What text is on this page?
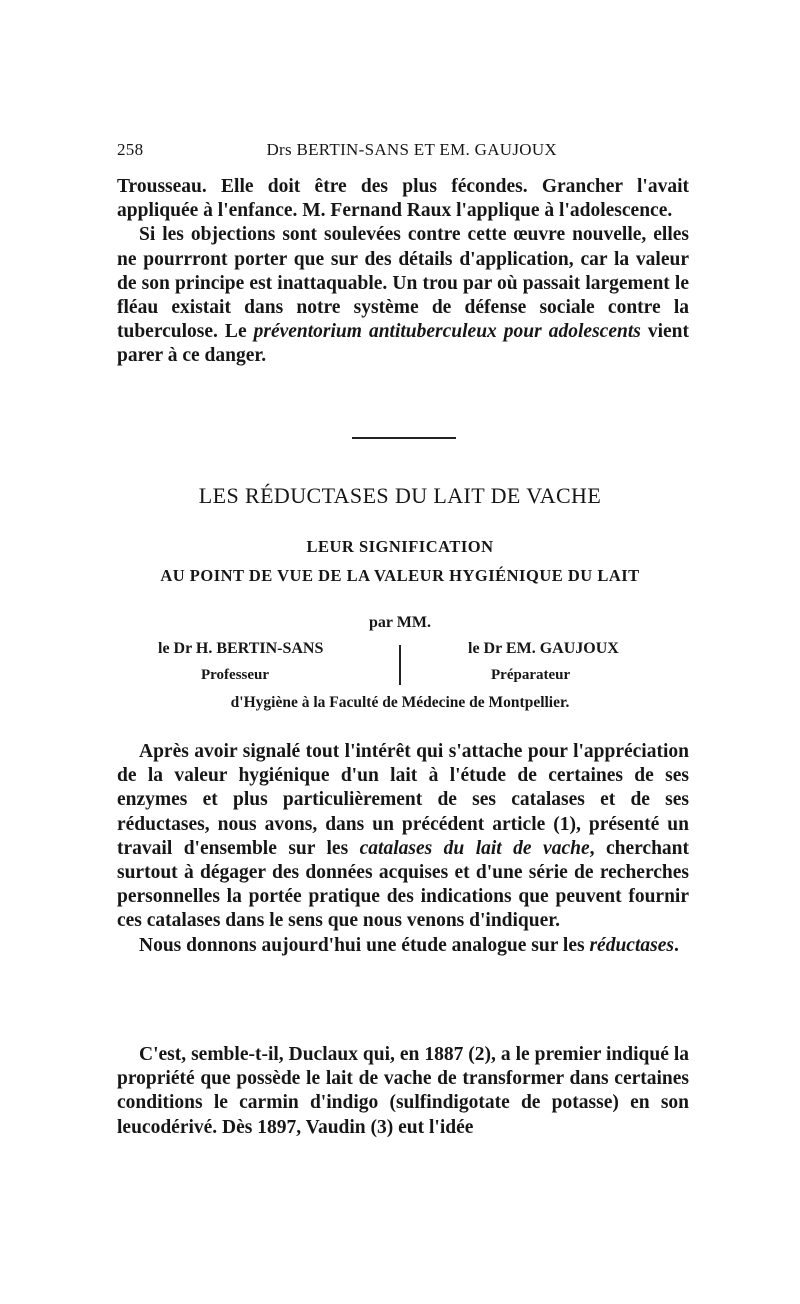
258	Drs BERTIN-SANS ET EM. GAUJOUX

Trousseau. Elle doit être des plus fécondes. Grancher l'avait appliquée à l'enfance. M. Fernand Raux l'applique à l'adolescence.

Si les objections sont soulevées contre cette œuvre nouvelle, elles ne pourrront porter que sur des détails d'application, car la valeur de son principe est inattaquable. Un trou par où passait largement le fléau existait dans notre système de défense sociale contre la tuberculose. Le préventorium antituberculeux pour adolescents vient parer à ce danger.

LES RÉDUCTASES DU LAIT DE VACHE
LEUR SIGNIFICATION
AU POINT DE VUE DE LA VALEUR HYGIÉNIQUE DU LAIT
par MM.
le Dr H. BERTIN-SANS
Professeur
le Dr EM. GAUJOUX
Préparateur
d'Hygiène à la Faculté de Médecine de Montpellier.

Après avoir signalé tout l'intérêt qui s'attache pour l'appréciation de la valeur hygiénique d'un lait à l'étude de certaines de ses enzymes et plus particulièrement de ses catalases et de ses réductases, nous avons, dans un précédent article (1), présenté un travail d'ensemble sur les catalases du lait de vache, cherchant surtout à dégager des données acquises et d'une série de recherches personnelles la portée pratique des indications que peuvent fournir ces catalases dans le sens que nous venons d'indiquer.

Nous donnons aujourd'hui une étude analogue sur les réductases.

C'est, semble-t-il, Duclaux qui, en 1887 (2), a le premier indiqué la propriété que possède le lait de vache de transformer dans certaines conditions le carmin d'indigo (sulfindigotate de potasse) en son leucodérivé. Dès 1897, Vaudin (3) eut l'idée
